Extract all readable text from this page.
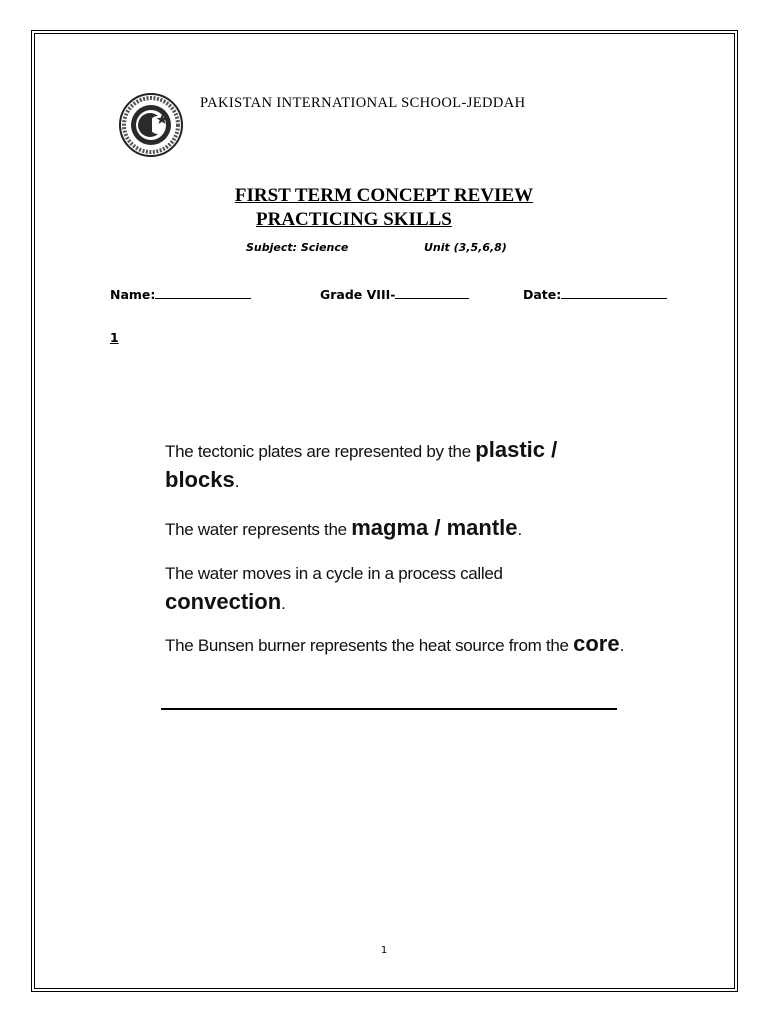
PAKISTAN INTERNATIONAL SCHOOL-JEDDAH
FIRST TERM CONCEPT REVIEW
PRACTICING SKILLS
Subject: Science	Unit (3,5,6,8)
Name:	Grade VIII-	Date:
1
The tectonic plates are represented by the plastic / blocks.
The water represents the magma / mantle.
The water moves in a cycle in a process called convection.
The Bunsen burner represents the heat source from the core.
1
